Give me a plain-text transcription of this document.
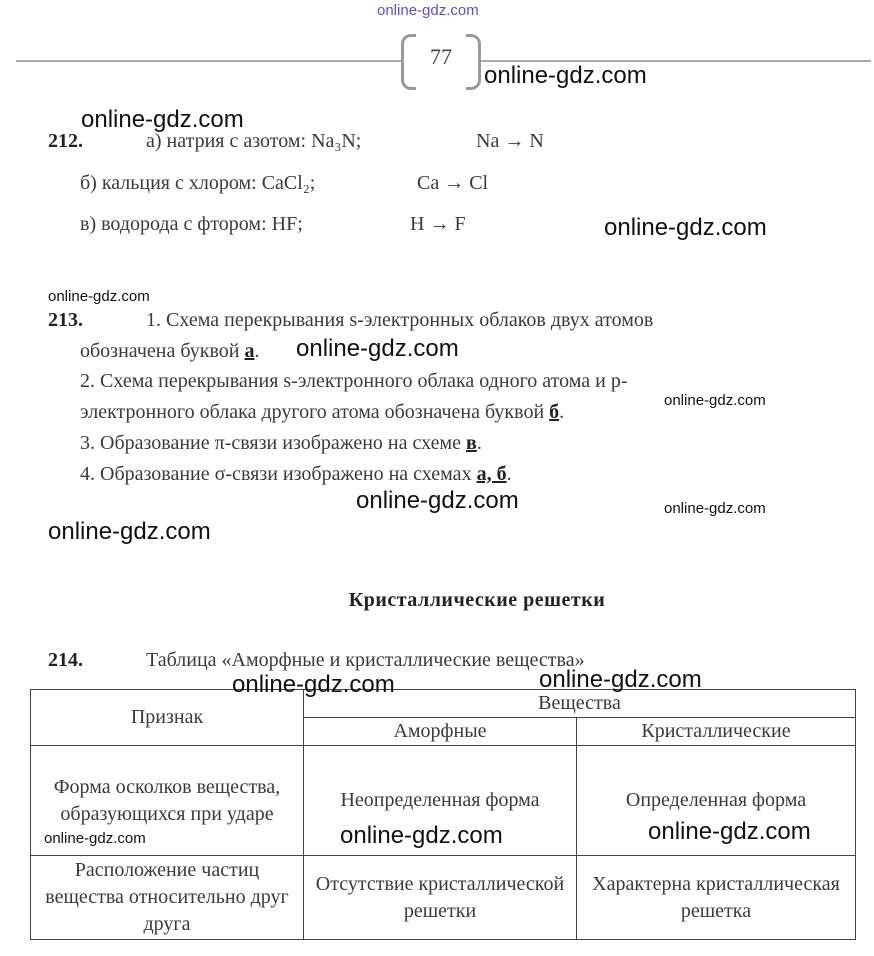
online-gdz.com
77
212.	а) натрия с азотом: Na₃N;	Na → N
б) кальция с хлором: CaCl₂;	Ca → Cl
в) водорода с фтором: HF;	H → F
213.	1. Схема перекрывания s-электронных облаков двух атомов
обозначена буквой а.
2. Схема перекрывания s-электронного облака одного атома и p-
электронного облака другого атома обозначена буквой б.
3. Образование π-связи изображено на схеме в.
4. Образование σ-связи изображено на схемах а, б.
Кристаллические решетки
214.	Таблица «Аморфные и кристаллические вещества»
Признак	Вещества	
	Аморфные	Кристаллические
Форма осколков вещества, образующихся при ударе	Неопределенная форма	Определенная форма
Расположение частиц вещества относительно друг друга	Отсутствие кристаллической решетки	Характерна кристаллическая решетка
online-gdz.com
online-gdz.com
online-gdz.com
online-gdz.com
online-gdz.com
online-gdz.com
online-gdz.com	online-gdz.com
online-gdz.com
online-gdz.com
online-gdz.com
online-gdz.com
online-gdz.com
online-gdz.com
